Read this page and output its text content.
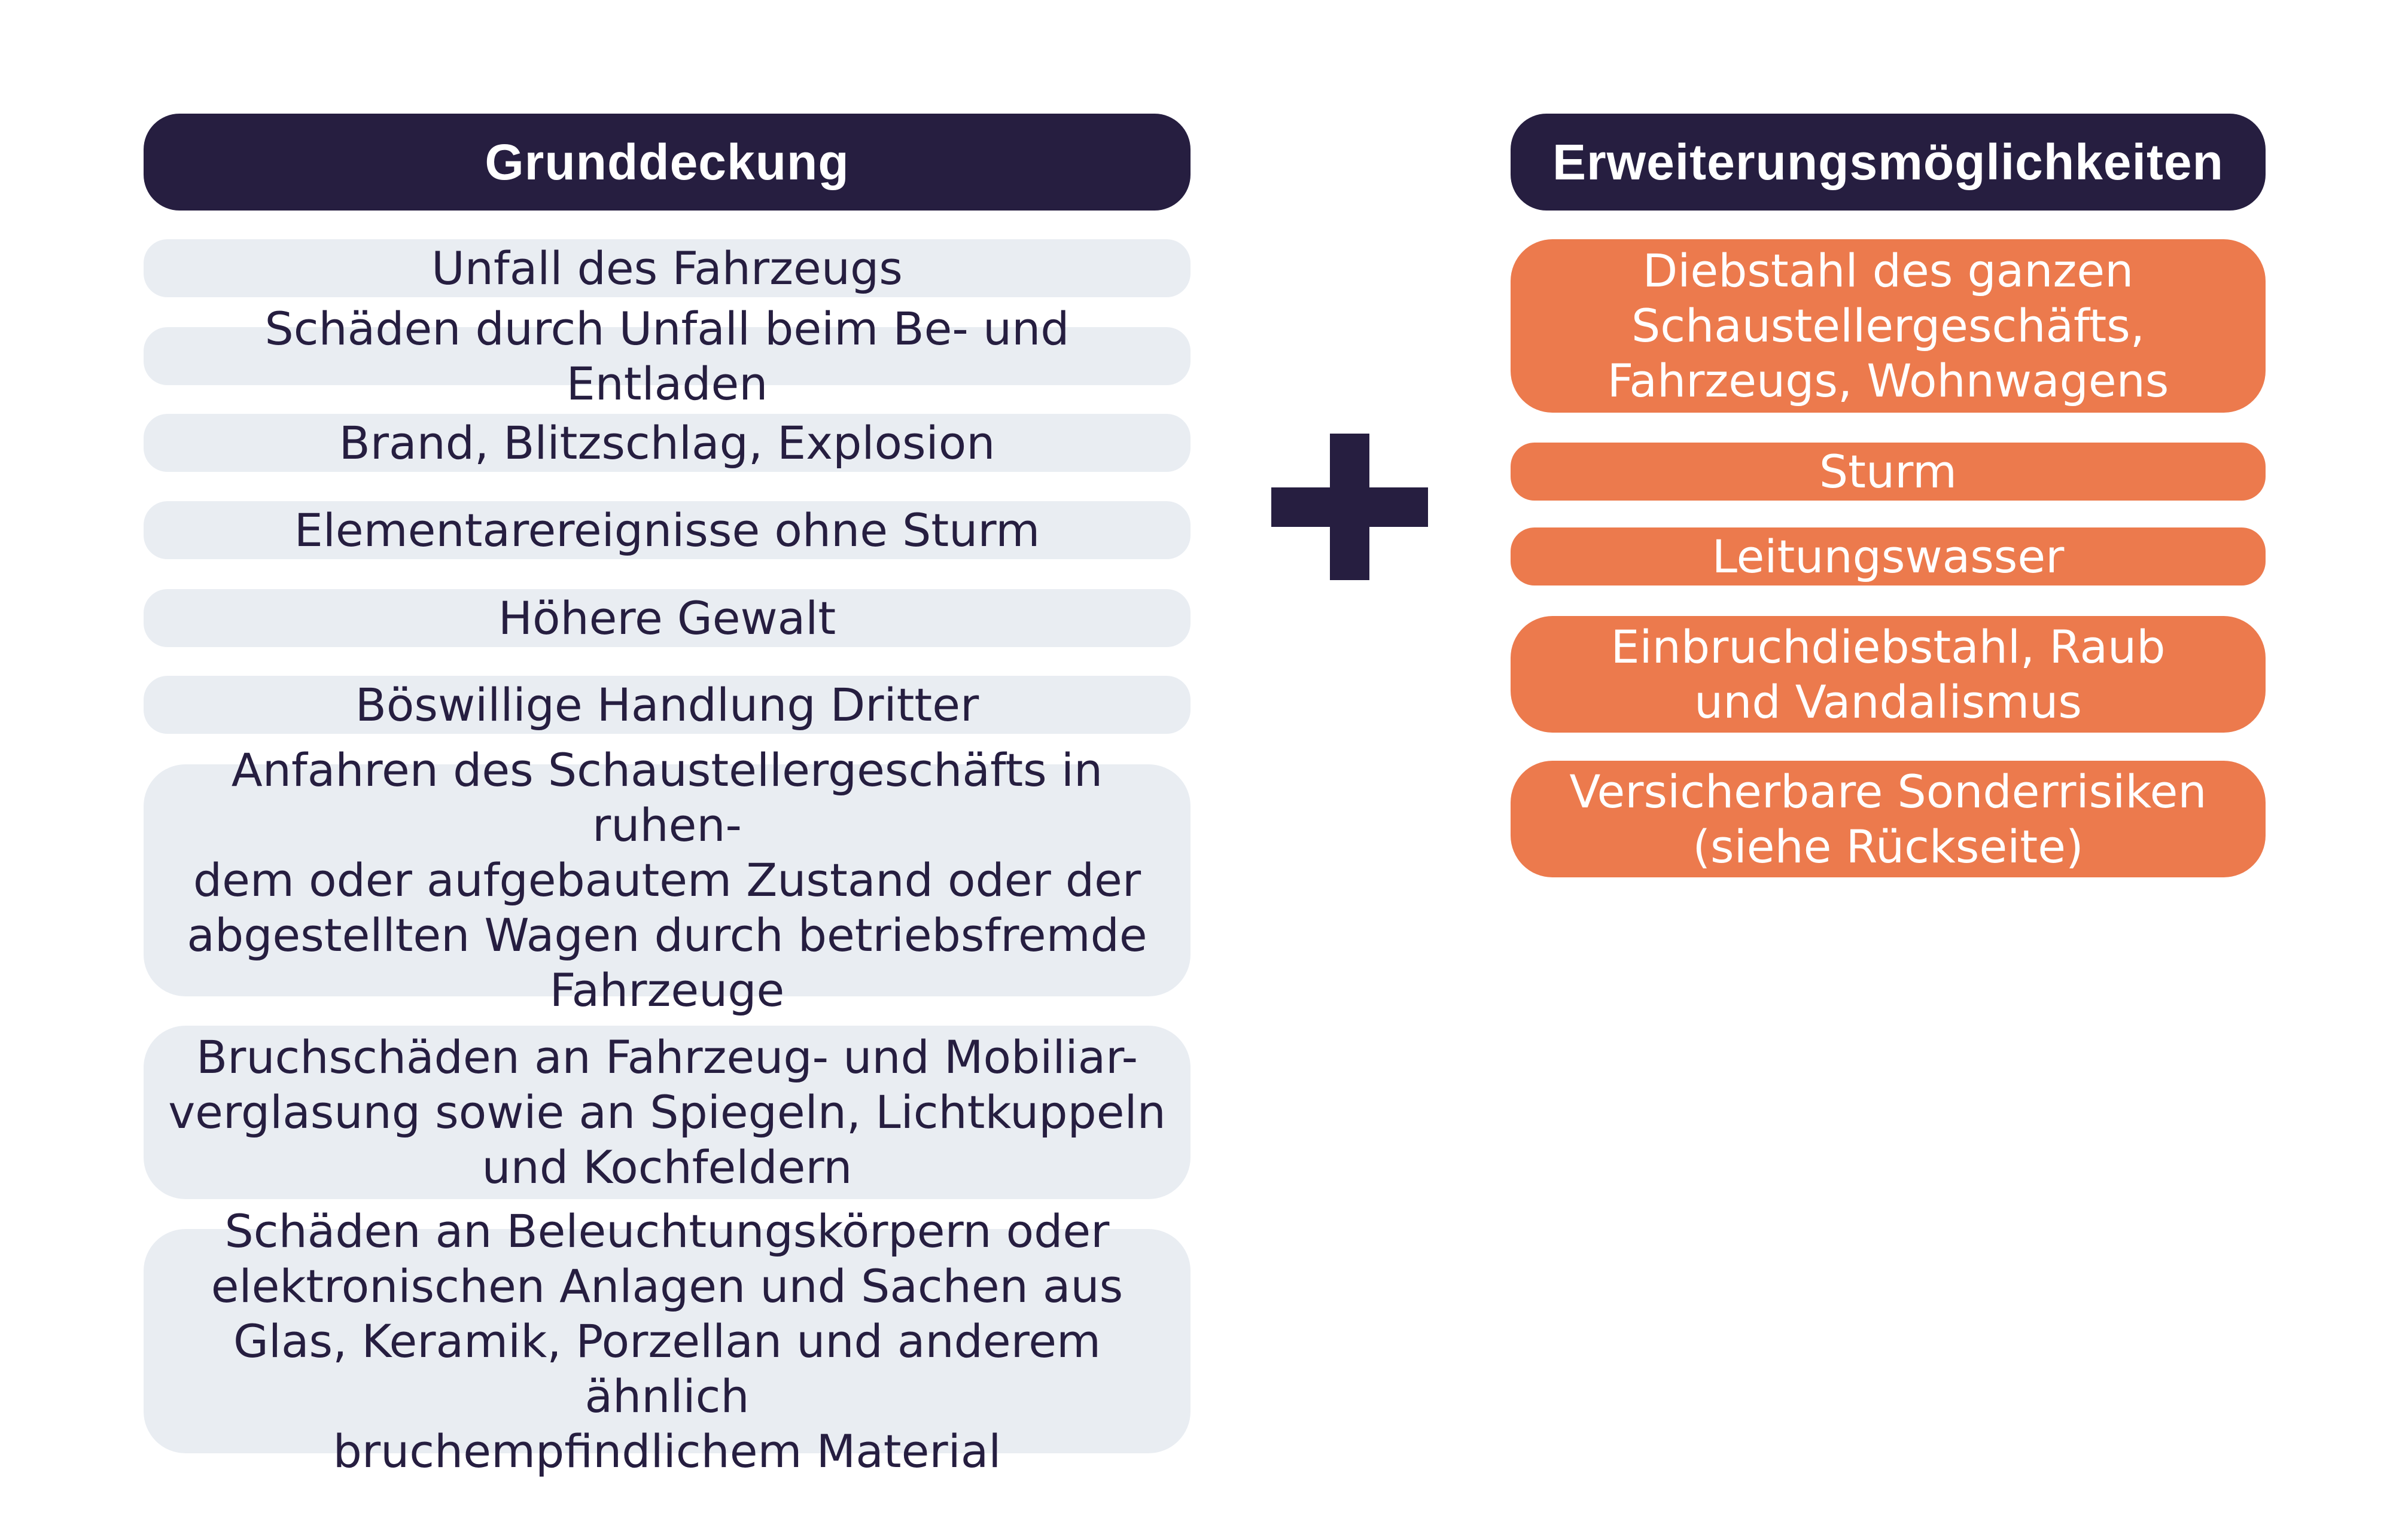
Grunddeckung
Unfall des Fahrzeugs
Schäden durch Unfall beim Be- und Entladen
Brand, Blitzschlag, Explosion
Elementarereignisse ohne Sturm
Höhere Gewalt
Böswillige Handlung Dritter
Anfahren des Schaustellergeschäfts in ruhen-
dem oder aufgebautem Zustand oder der
abgestellten Wagen durch betriebsfremde
Fahrzeuge
Bruchschäden an Fahrzeug- und Mobiliar-
verglasung sowie an Spiegeln, Lichtkuppeln
und Kochfeldern
Schäden an Beleuchtungskörpern oder
elektronischen Anlagen und Sachen aus
Glas, Keramik, Porzellan und anderem ähnlich
bruchempfindlichem Material
Erweiterungsmöglichkeiten
Diebstahl des ganzen
Schaustellergeschäfts,
Fahrzeugs, Wohnwagens
Sturm
Leitungswasser
Einbruchdiebstahl, Raub
und Vandalismus
Versicherbare Sonderrisiken
(siehe Rückseite)
